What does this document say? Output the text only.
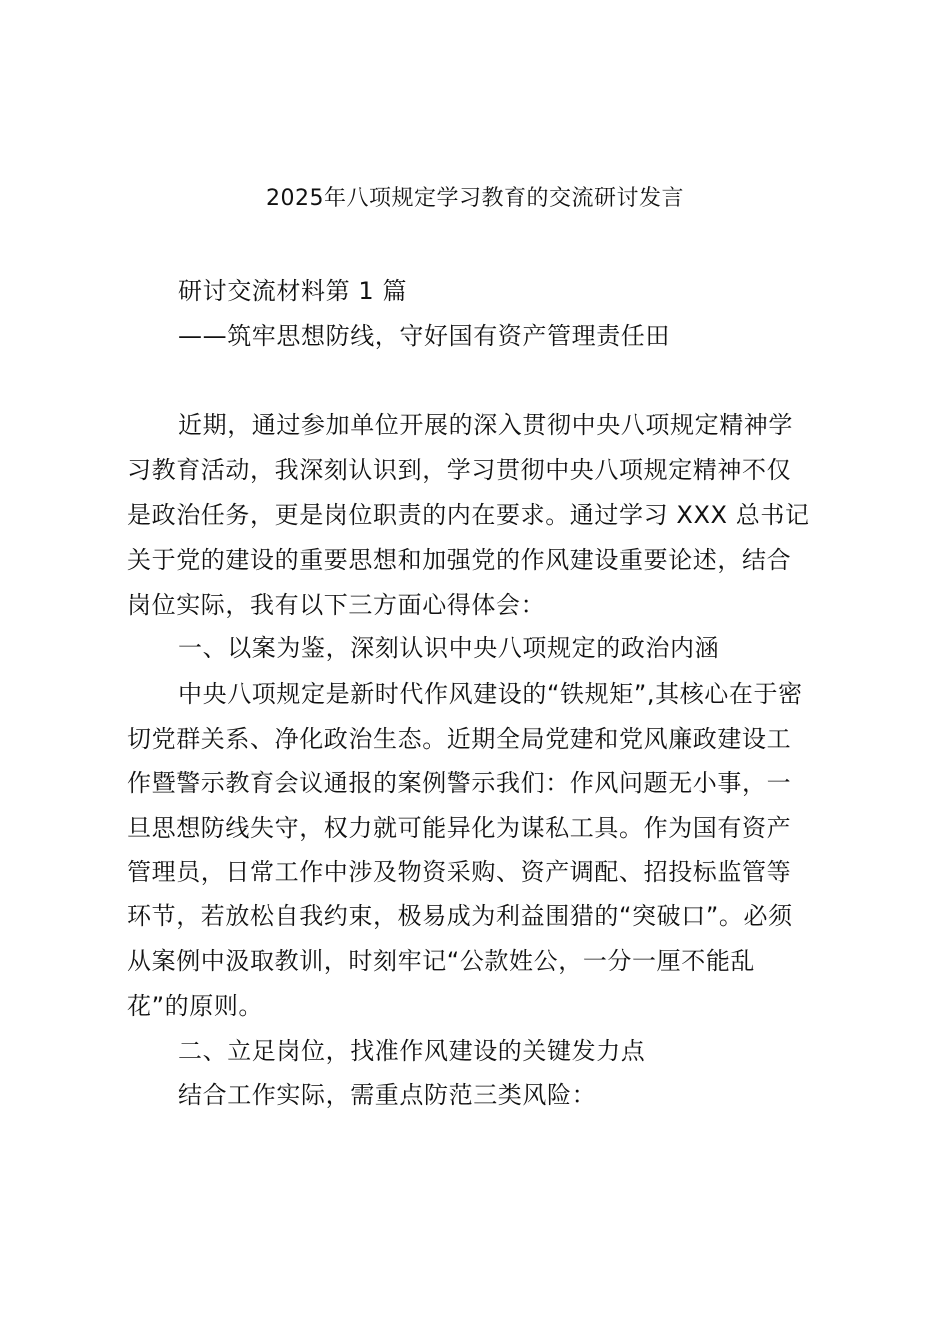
2025年八项规定学习教育的交流研讨发言
研讨交流材料第 1 篇
——筑牢思想防线，守好国有资产管理责任田
近期，通过参加单位开展的深入贯彻中央八项规定精神学
习教育活动，我深刻认识到，学习贯彻中央八项规定精神不仅
是政治任务，更是岗位职责的内在要求。通过学习 XXX 总书记
关于党的建设的重要思想和加强党的作风建设重要论述，结合
岗位实际，我有以下三方面心得体会：
一、以案为鉴，深刻认识中央八项规定的政治内涵
中央八项规定是新时代作风建设的“铁规矩”,其核心在于密
切党群关系、净化政治生态。近期全局党建和党风廉政建设工
作暨警示教育会议通报的案例警示我们：作风问题无小事，一
旦思想防线失守，权力就可能异化为谋私工具。作为国有资产
管理员，日常工作中涉及物资采购、资产调配、招投标监管等
环节，若放松自我约束，极易成为利益围猎的“突破口”。必须
从案例中汲取教训，时刻牢记“公款姓公，一分一厘不能乱
花”的原则。
二、立足岗位，找准作风建设的关键发力点
结合工作实际，需重点防范三类风险：
